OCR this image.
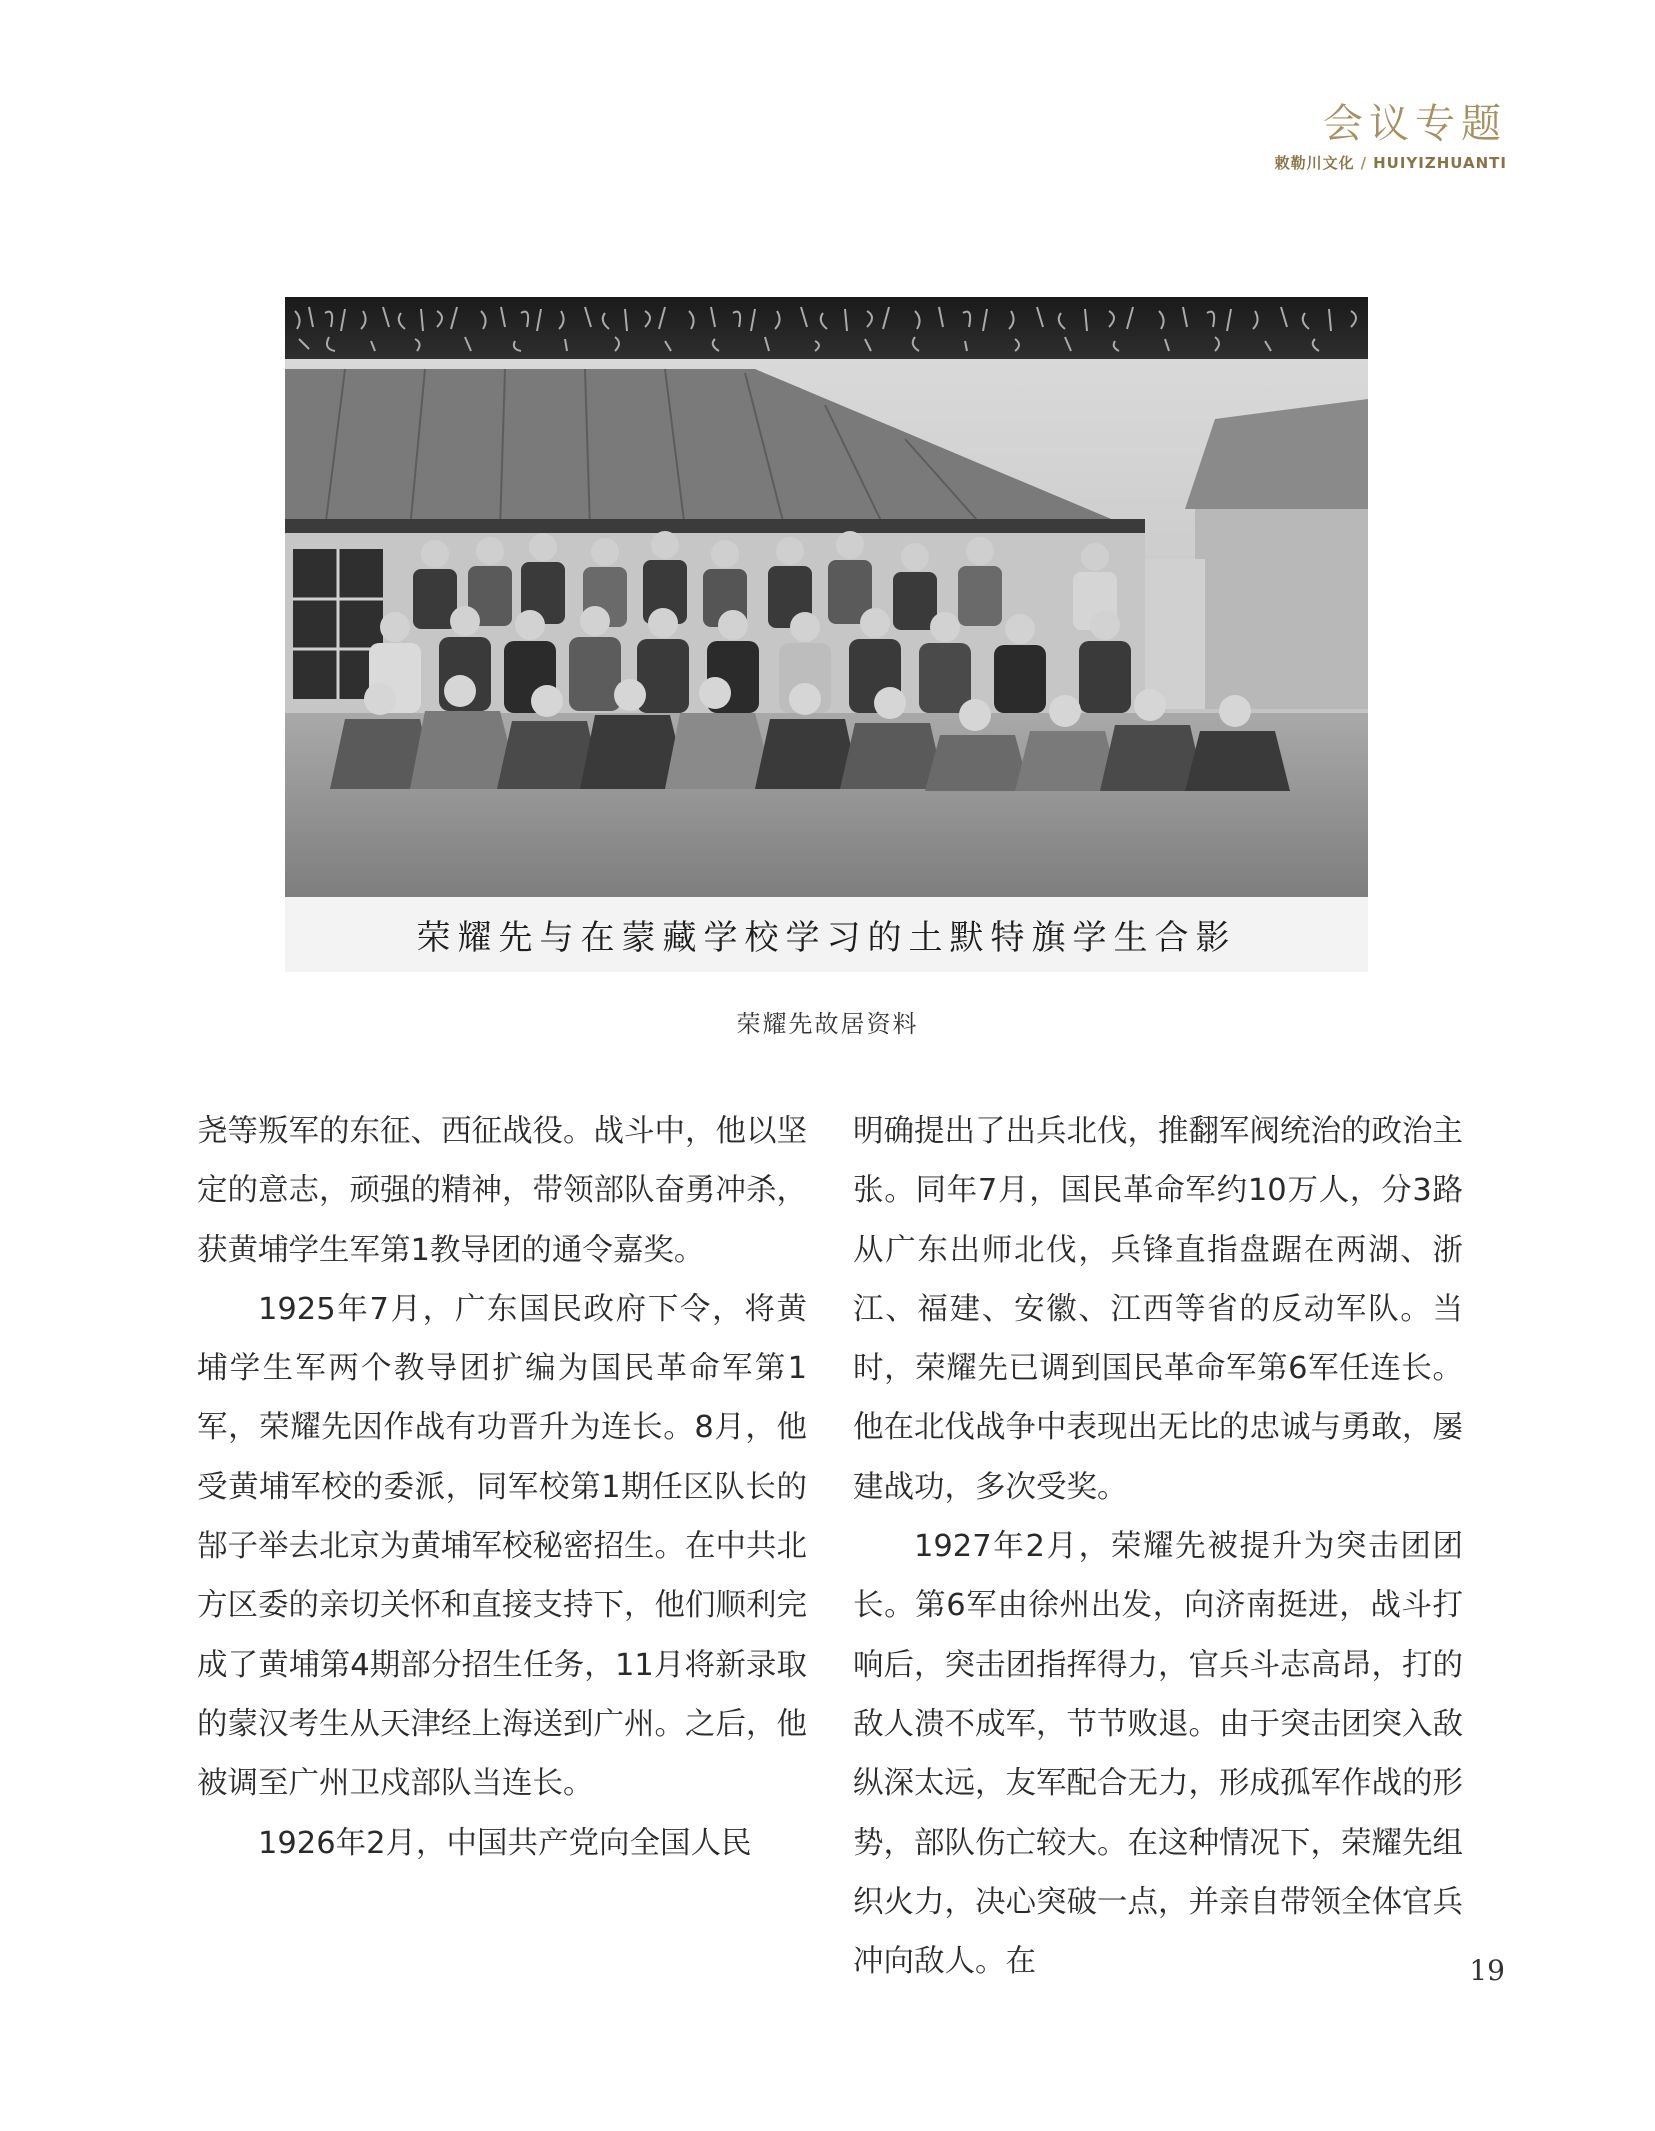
会议专题
敕勒川文化 / HUIYIZHUANTI
荣耀先与在蒙藏学校学习的土默特旗学生合影
荣耀先故居资料

尧等叛军的东征、西征战役。战斗中，他以坚定的意志，顽强的精神，带领部队奋勇冲杀，获黄埔学生军第1教导团的通令嘉奖。

1925年7月，广东国民政府下令，将黄埔学生军两个教导团扩编为国民革命军第1军，荣耀先因作战有功晋升为连长。8月，他受黄埔军校的委派，同军校第1期任区队长的郜子举去北京为黄埔军校秘密招生。在中共北方区委的亲切关怀和直接支持下，他们顺利完成了黄埔第4期部分招生任务，11月将新录取的蒙汉考生从天津经上海送到广州。之后，他被调至广州卫戍部队当连长。

1926年2月，中国共产党向全国人民

明确提出了出兵北伐，推翻军阀统治的政治主张。同年7月，国民革命军约10万人，分3路从广东出师北伐，兵锋直指盘踞在两湖、浙江、福建、安徽、江西等省的反动军队。当时，荣耀先已调到国民革命军第6军任连长。他在北伐战争中表现出无比的忠诚与勇敢，屡建战功，多次受奖。

1927年2月，荣耀先被提升为突击团团长。第6军由徐州出发，向济南挺进，战斗打响后，突击团指挥得力，官兵斗志高昂，打的敌人溃不成军，节节败退。由于突击团突入敌纵深太远，友军配合无力，形成孤军作战的形势，部队伤亡较大。在这种情况下，荣耀先组织火力，决心突破一点，并亲自带领全体官兵冲向敌人。在	19
